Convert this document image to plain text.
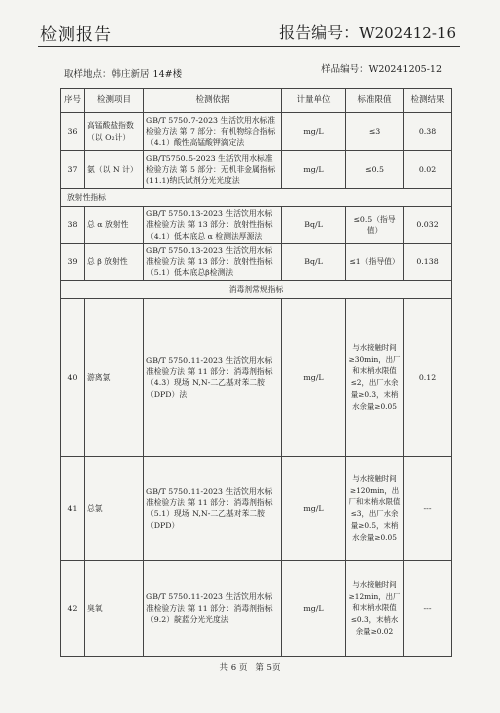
检测报告	报告编号：W202412-16
取样地点：韩庄新居 14#楼	样品编号：W20241205-12
序号	检测项目	检测依据	计量单位	标准限值	检测结果
36	高锰酸盐指数（以 O₂计）	GB/T 5750.7-2023 生活饮用水标准检验方法 第 7 部分：有机物综合指标（4.1）酸性高锰酸钾滴定法	mg/L	≤3	0.38
37	氨（以 N 计）	GB/T5750.5-2023 生活饮用水标准检验方法 第 5 部分：无机非金属指标(11.1)纳氏试剂分光光度法	mg/L	≤0.5	0.02
放射性指标					
38	总 α 放射性	GB/T 5750.13-2023 生活饮用水标准检验方法 第 13 部分：放射性指标（4.1）低本底总 α 检测法厚源法	Bq/L	≤0.5（指导值）	0.032
39	总 β 放射性	GB/T 5750.13-2023 生活饮用水标准检验方法 第 13 部分：放射性指标（5.1）低本底总β检测法	Bq/L	≤1（指导值）	0.138
消毒剂常规指标					
40	游离氯	GB/T 5750.11-2023 生活饮用水标准检验方法 第 11 部分：消毒剂指标（4.3）现场 N,N-二乙基对苯二胺（DPD）法	mg/L	与水接触时间≥30min，出厂和末梢水限值≤2，出厂水余量≥0.3，末梢水余量≥0.05	0.12
41	总氯	GB/T 5750.11-2023 生活饮用水标准检验方法 第 11 部分：消毒剂指标（5.1）现场 N,N-二乙基对苯二胺（DPD）	mg/L	与水接触时间≥120min，出厂和末梢水限值≤3，出厂水余量≥0.5，末梢水余量≥0.05	---
42	臭氧	GB/T 5750.11-2023 生活饮用水标准检验方法 第 11 部分：消毒剂指标（9.2）靛蓝分光光度法	mg/L	与水接触时间≥12min，出厂和末梢水限值≤0.3，末梢水余量≥0.02	---
共 6 页 第 5页
